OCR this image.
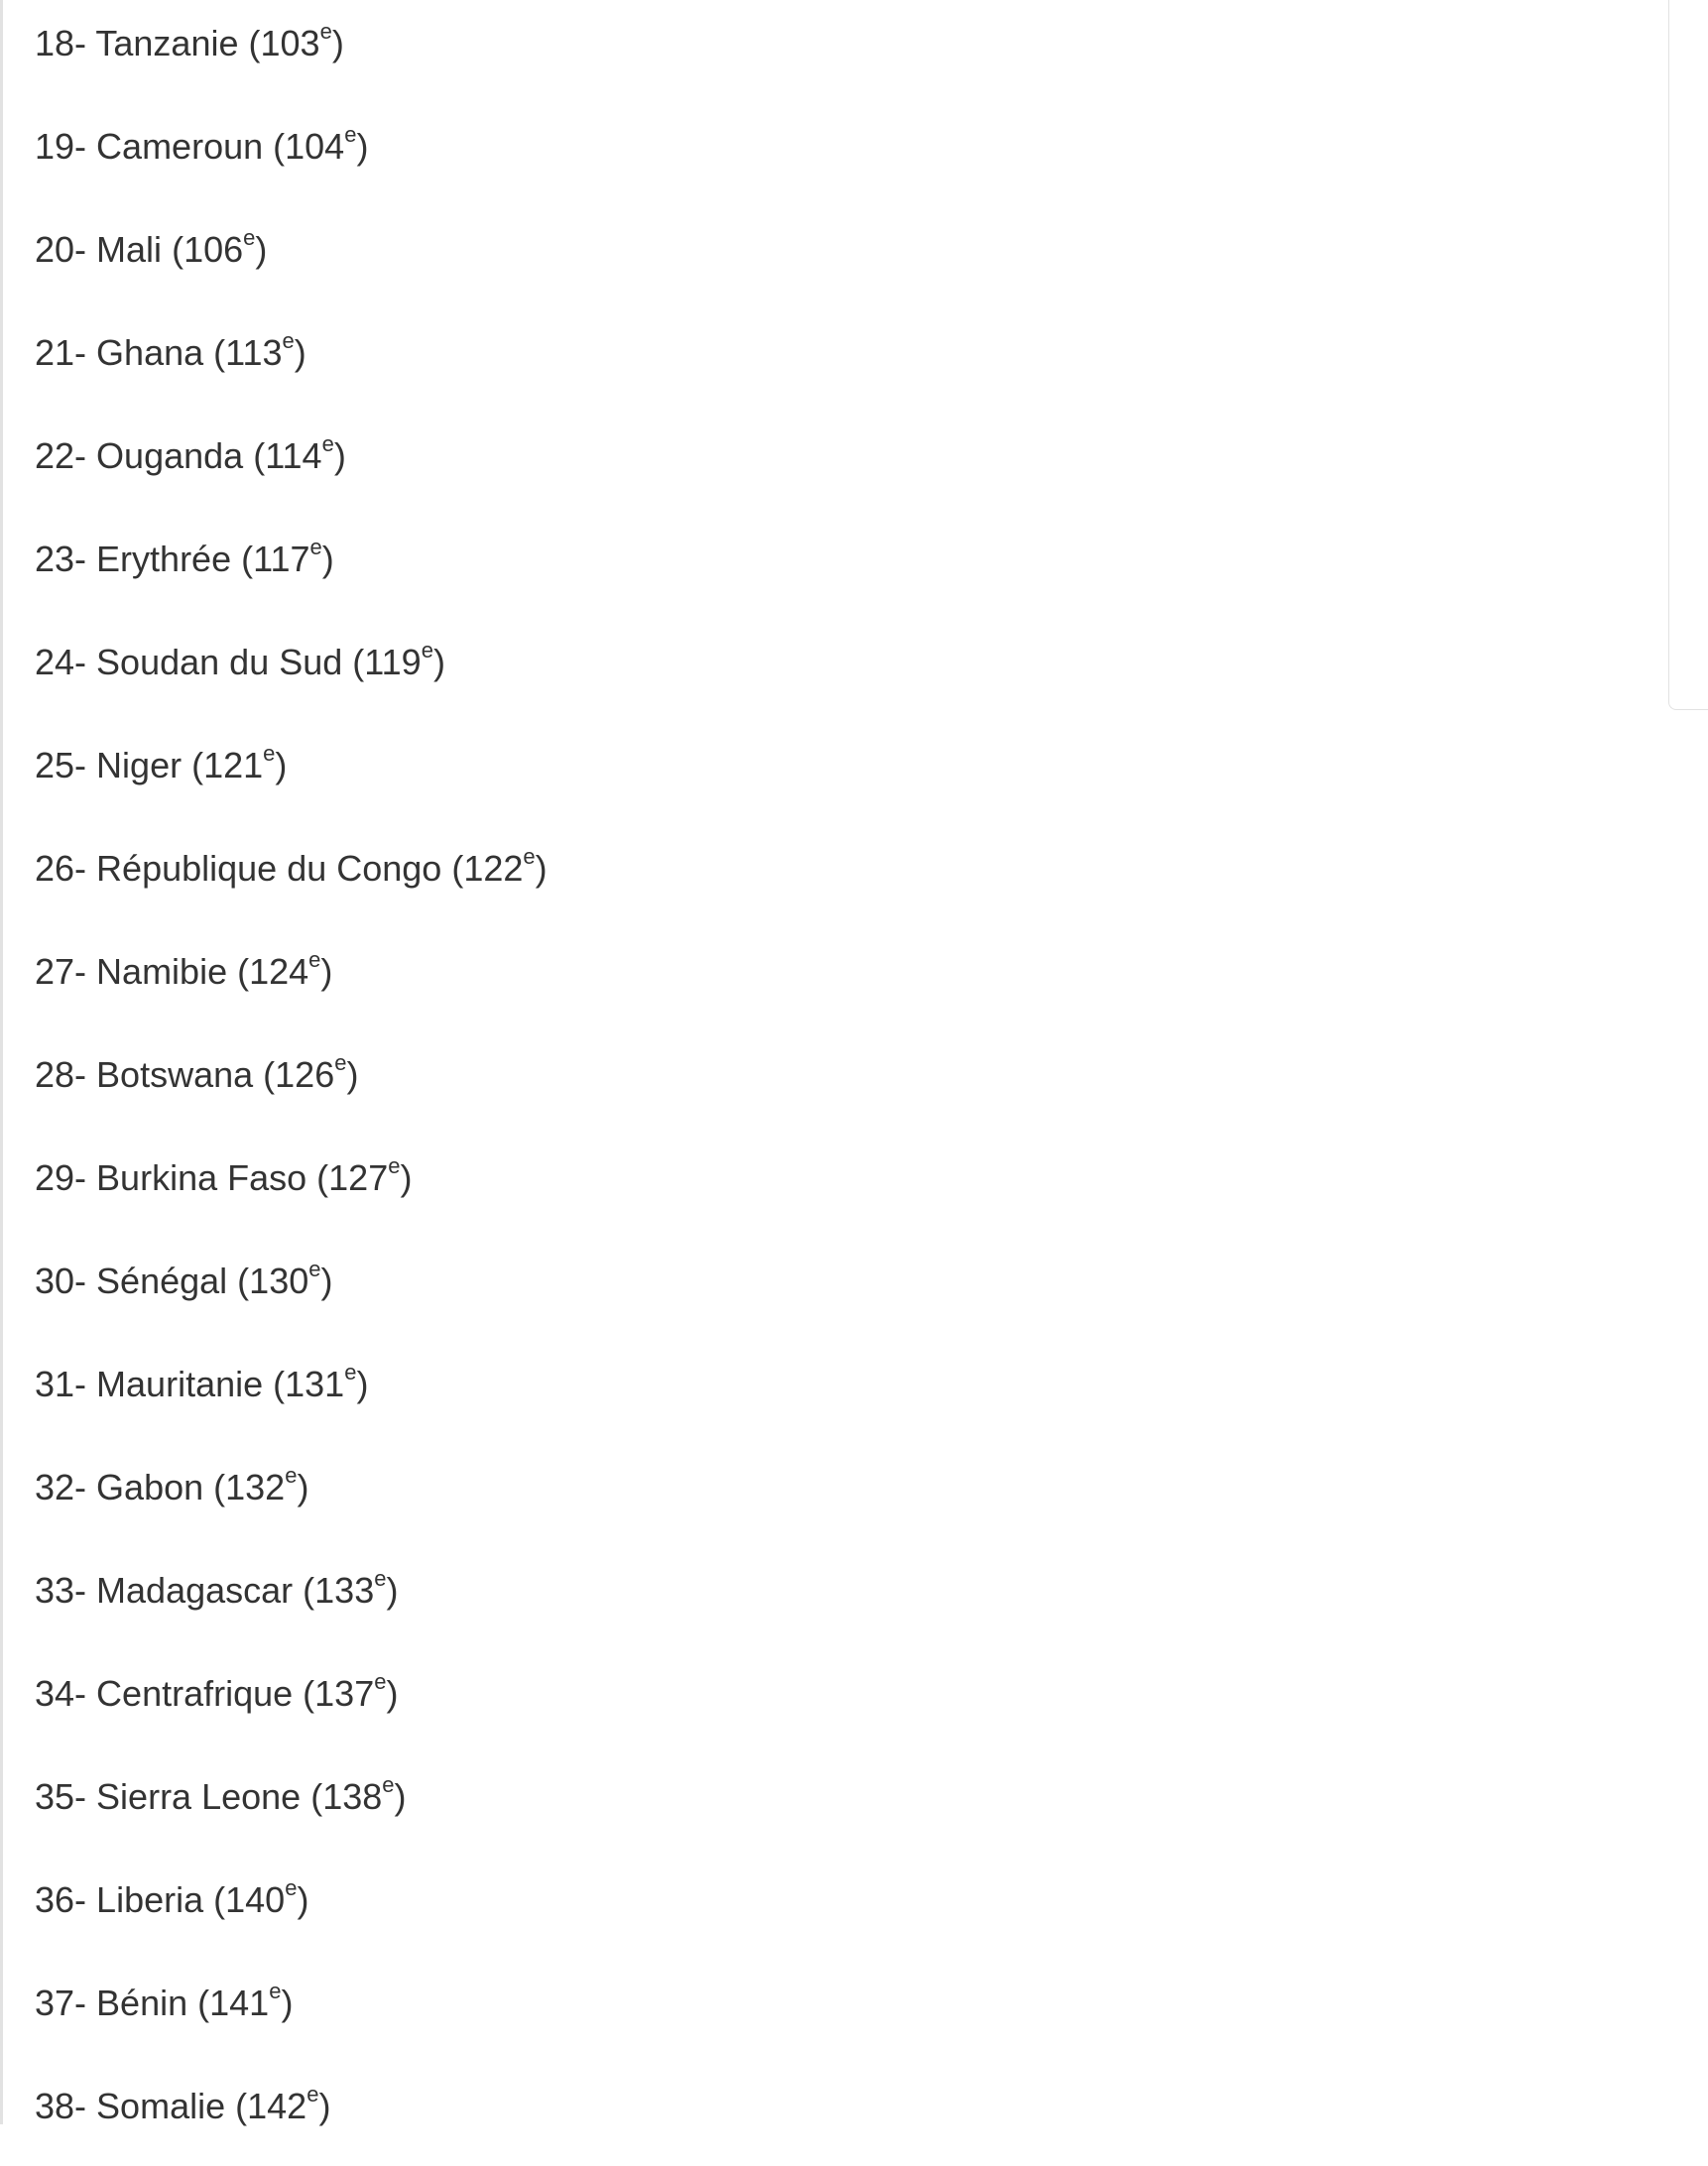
18- Tanzanie (103e)
19- Cameroun (104e)
20- Mali (106e)
21- Ghana (113e)
22- Ouganda (114e)
23- Erythrée (117e)
24- Soudan du Sud (119e)
25- Niger (121e)
26- République du Congo (122e)
27- Namibie (124e)
28- Botswana (126e)
29- Burkina Faso (127e)
30- Sénégal (130e)
31- Mauritanie (131e)
32- Gabon (132e)
33- Madagascar (133e)
34- Centrafrique (137e)
35- Sierra Leone (138e)
36- Liberia (140e)
37- Bénin (141e)
38- Somalie (142e)
